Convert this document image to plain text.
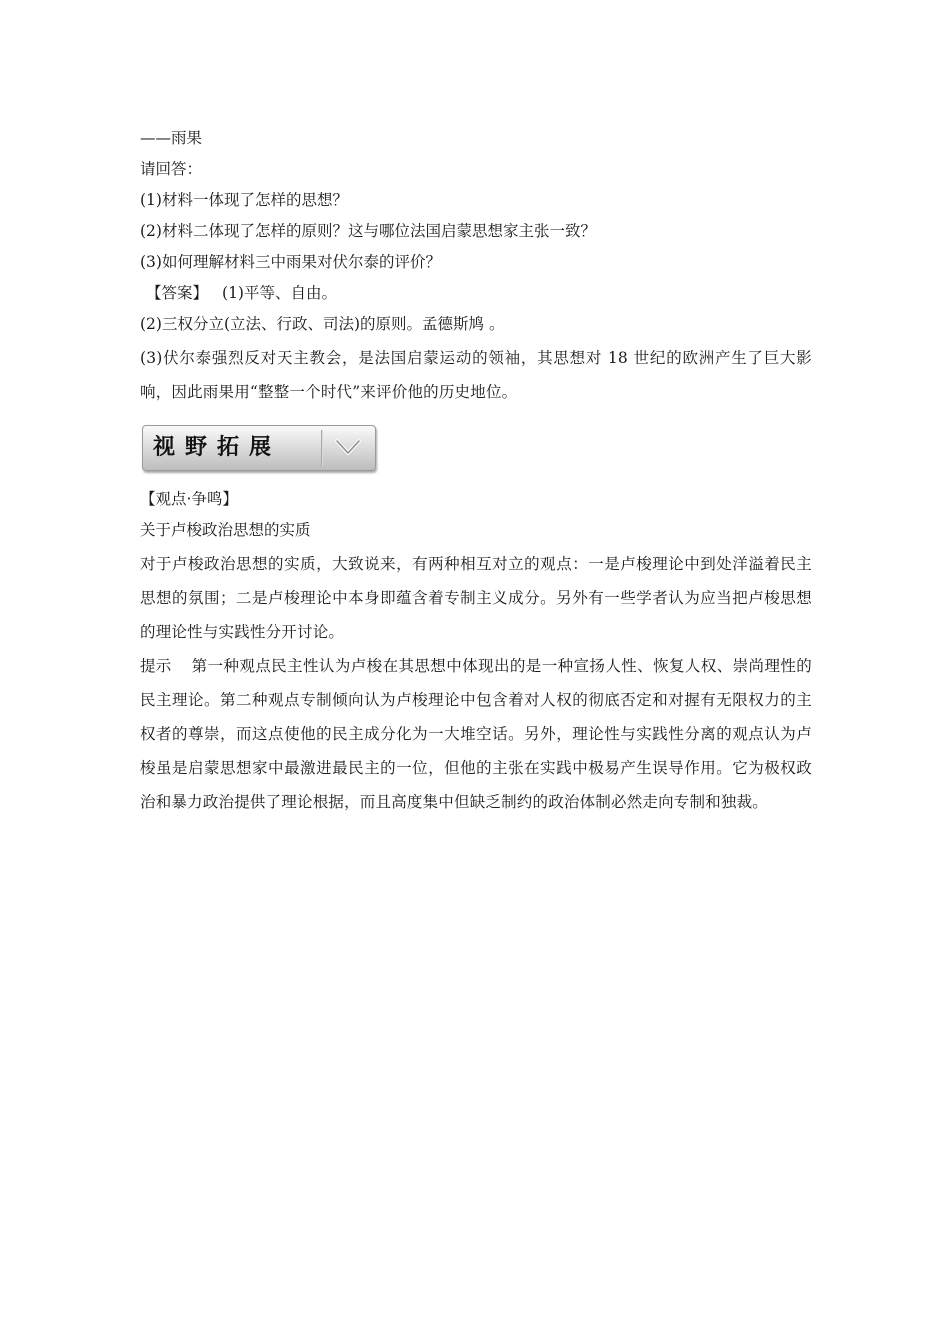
——雨果

请回答：

(1)材料一体现了怎样的思想？

(2)材料二体现了怎样的原则？这与哪位法国启蒙思想家主张一致？

(3)如何理解材料三中雨果对伏尔泰的评价？

【答案】 (1)平等、自由。

(2)三权分立(立法、行政、司法)的原则。孟德斯鸠 。

(3)伏尔泰强烈反对天主教会，是法国启蒙运动的领袖，其思想对 18 世纪的欧洲产生了巨大影响，因此雨果用“整整一个时代”来评价他的历史地位。

视野拓展

【观点·争鸣】

关于卢梭政治思想的实质

对于卢梭政治思想的实质，大致说来，有两种相互对立的观点：一是卢梭理论中到处洋溢着民主思想的氛围；二是卢梭理论中本身即蕴含着专制主义成分。另外有一些学者认为应当把卢梭思想的理论性与实践性分开讨论。

提示 第一种观点民主性认为卢梭在其思想中体现出的是一种宣扬人性、恢复人权、崇尚理性的民主理论。第二种观点专制倾向认为卢梭理论中包含着对人权的彻底否定和对握有无限权力的主权者的尊崇，而这点使他的民主成分化为一大堆空话。另外，理论性与实践性分离的观点认为卢梭虽是启蒙思想家中最激进最民主的一位，但他的主张在实践中极易产生误导作用。它为极权政治和暴力政治提供了理论根据，而且高度集中但缺乏制约的政治体制必然走向专制和独裁。
